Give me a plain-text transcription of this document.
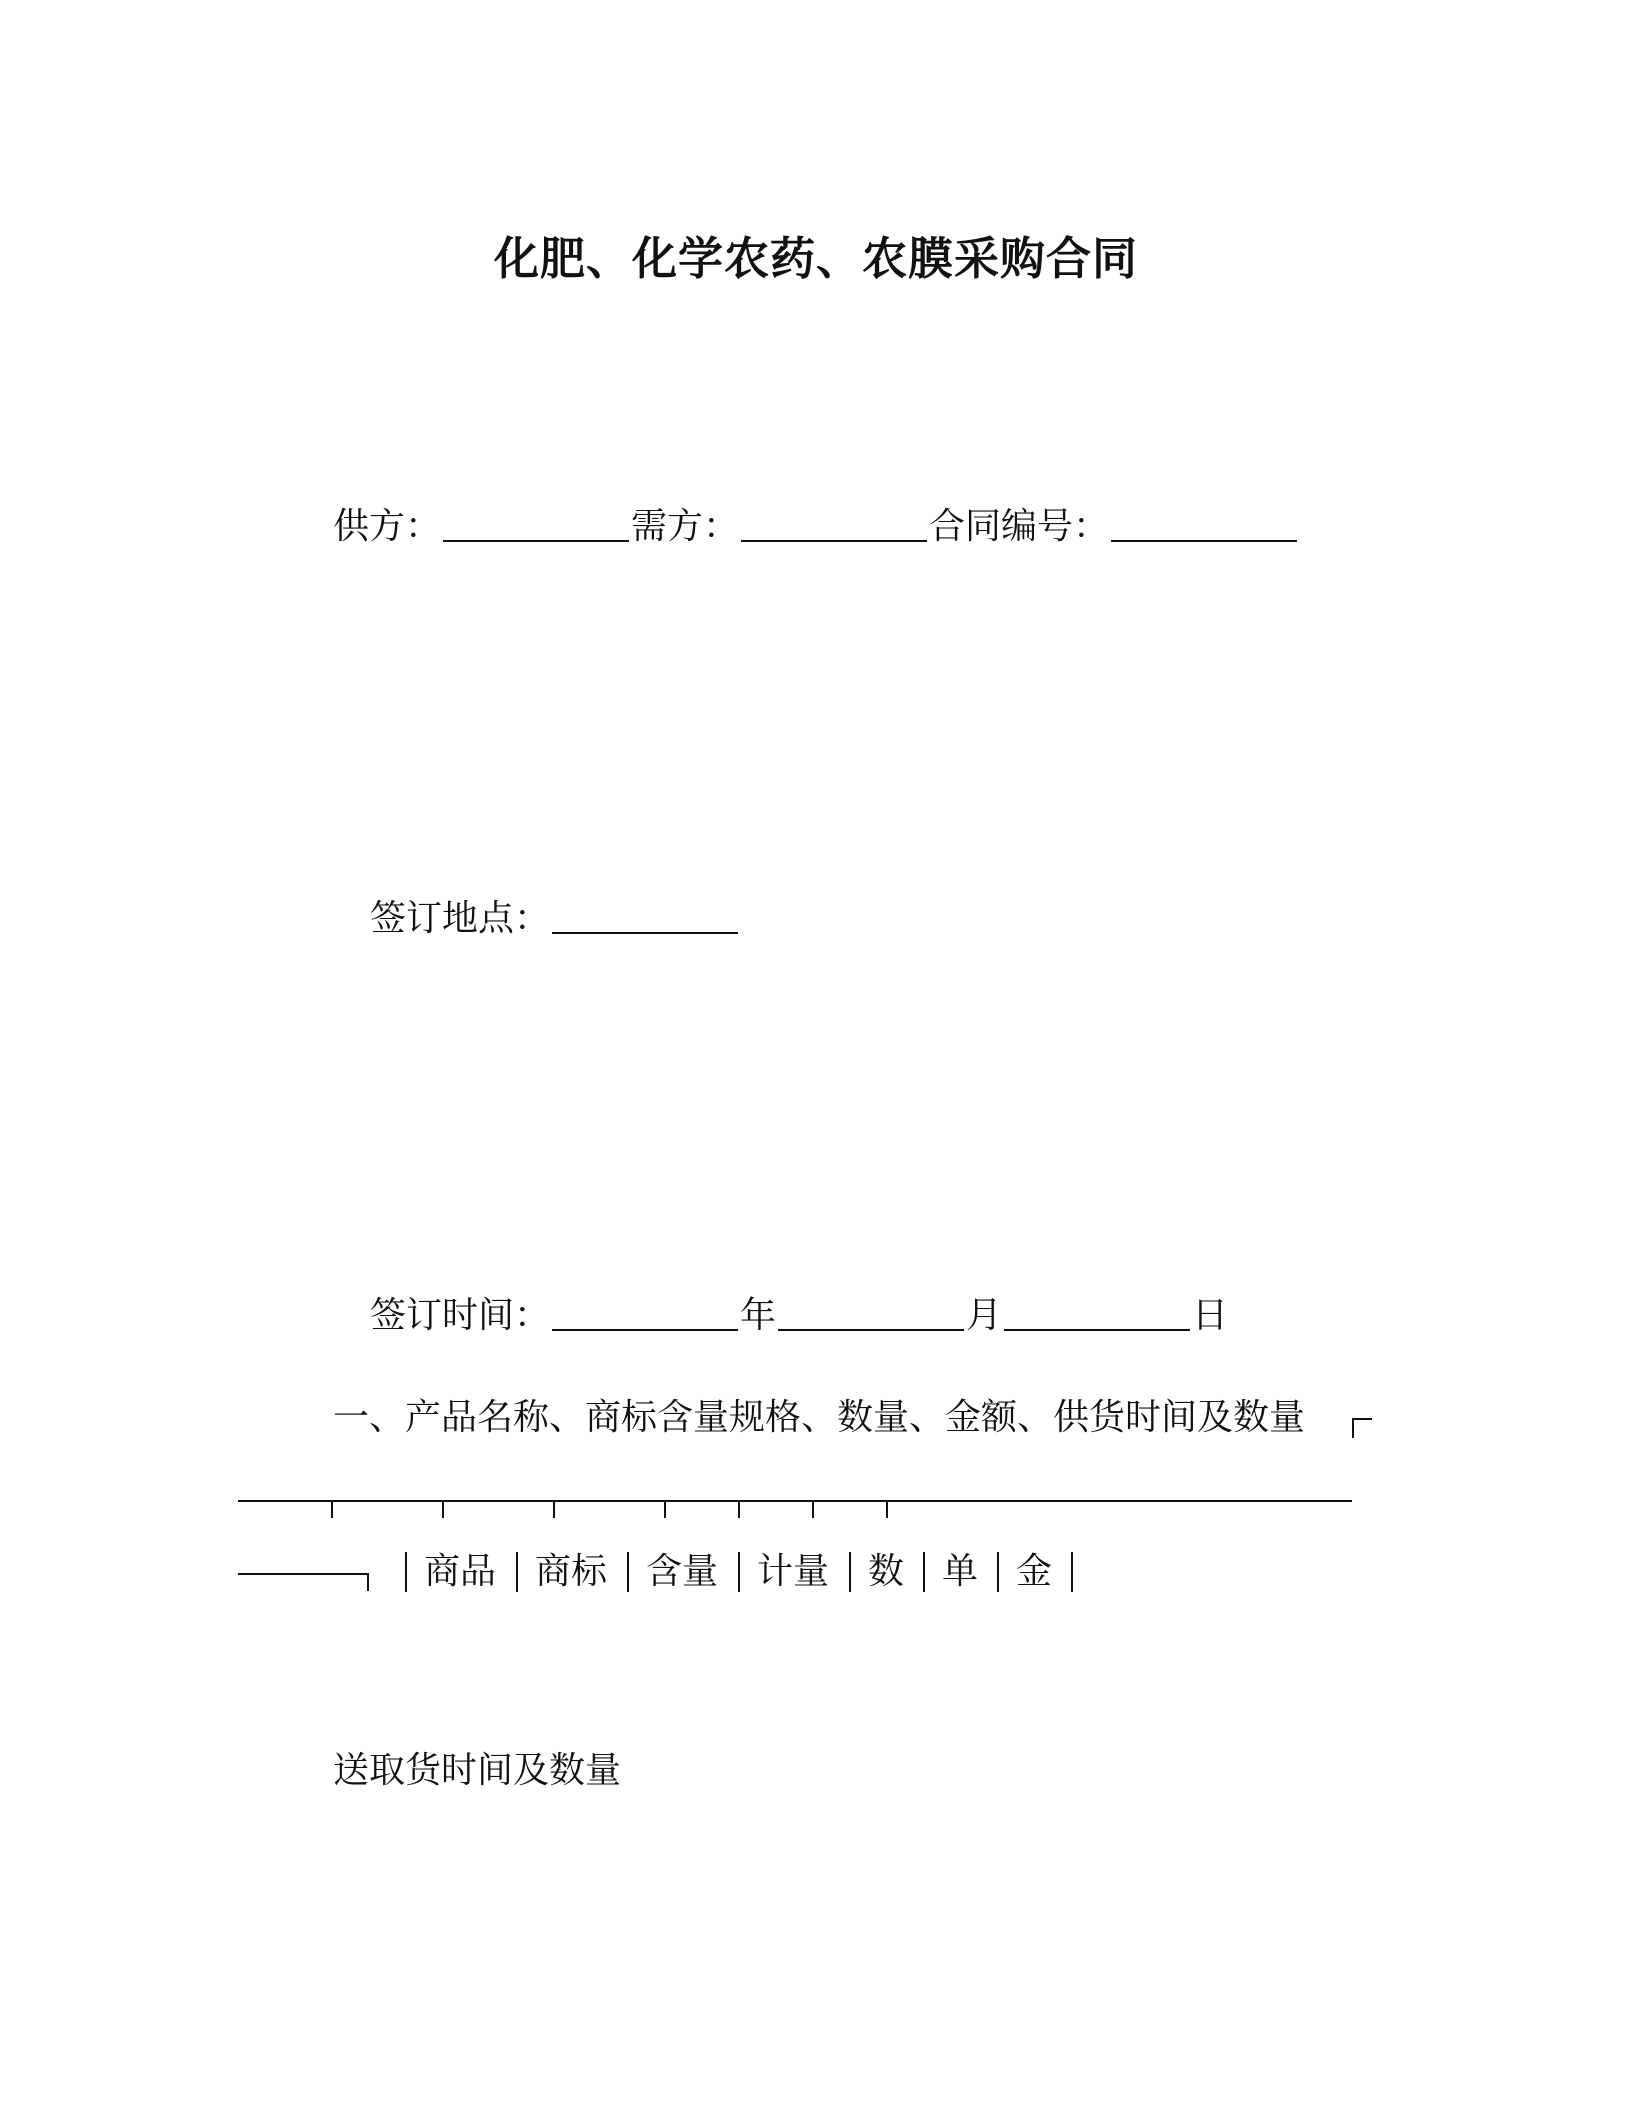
化肥、化学农药、农膜采购合同
供方：	需方：	合同编号：
签订地点：
签订时间：	年	月	日
一、产品名称、商标含量规格、数量、金额、供货时间及数量
商品 商标 含量 计量 数 单 金
送取货时间及数量
